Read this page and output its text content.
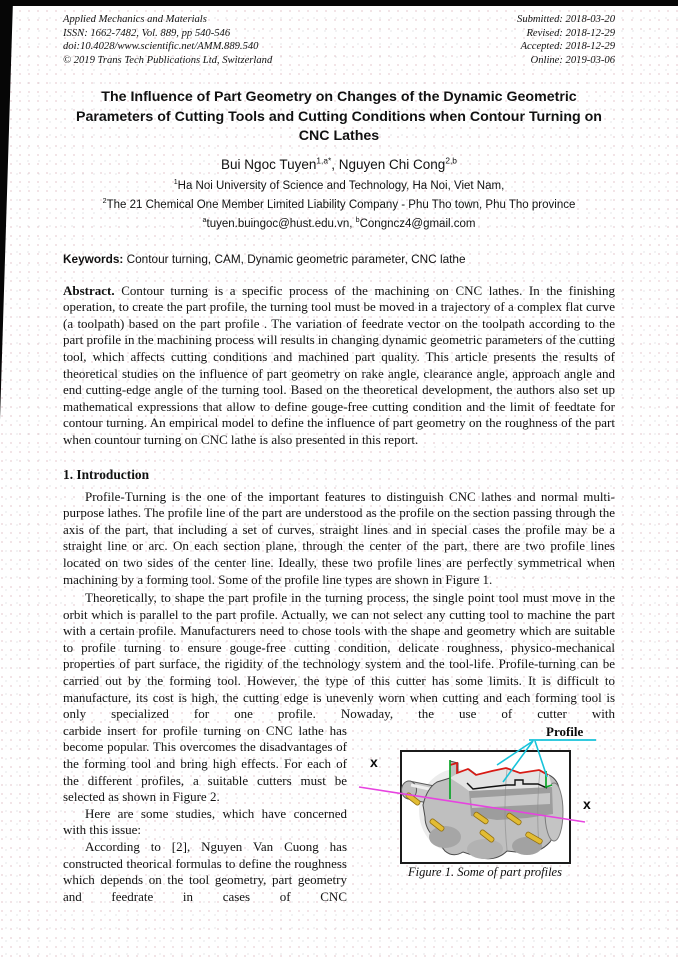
Applied Mechanics and Materials
ISSN: 1662-7482, Vol. 889, pp 540-546
doi:10.4028/www.scientific.net/AMM.889.540
© 2019 Trans Tech Publications Ltd, Switzerland
Submitted: 2018-03-20
Revised: 2018-12-29
Accepted: 2018-12-29
Online: 2019-03-06
The Influence of Part Geometry on Changes of the Dynamic Geometric Parameters of Cutting Tools and Cutting Conditions when Contour Turning on CNC Lathes
Bui Ngoc Tuyen$^{1,a*}$, Nguyen Chi Cong$^{2,b}$
$^1$Ha Noi University of Science and Technology, Ha Noi, Viet Nam,
$^2$The 21 Chemical One Member Limited Liability Company - Phu Tho town, Phu Tho province
$^a$tuyen.buingoc@hust.edu.vn, $^b$Congncz4@gmail.com
Keywords: Contour turning, CAM, Dynamic geometric parameter, CNC lathe
Abstract. Contour turning is a specific process of the machining on CNC lathes. In the finishing operation, to create the part profile, the turning tool must be moved in a trajectory of a complex flat curve (a toolpath) based on the part profile . The variation of feedrate vector on the toolpath according to the part profile in the machining process will results in changing dynamic geometric parameters of the cutting tool, which affects cutting conditions and machined part quality. This article presents the results of theoretical studies on the influence of part geometry on rake angle, clearance angle, approach angle and end cutting-edge angle of the turning tool. Based on the theoretical development, the authors also set up mathematical expressions that allow to define gouge-free cutting condition and the limit of feedtate for contour turning. An empirical model to define the influence of part geometry on the roughness of the part when countour turning on CNC lathe is also presented in this report.
1. Introduction

Profile-Turning is the one of the important features to distinguish CNC lathes and normal multi-purpose lathes. The profile line of the part are understood as the profile on the section passing through the axis of the part, that including a set of curves, straight lines and in special cases the profile may be a straight line or arc. On each section plane, through the center of the part, there are two profile lines located on two sides of the center line. Ideally, these two profile lines are perfectly symmetrical when machining by a forming tool. Some of the profile line types are shown in Figure 1.

Theoretically, to shape the part profile in the turning process, the single point tool must move in the orbit which is parallel to the part profile. Actually, we can not select any cutting tool to machine the part with a certain profile. Manufacturers need to chose tools with the shape and geometry which are suitable to profile turning to ensure gouge-free cutting condition, delicate roughness, physico-mechanical properties of part surface, the rigidity of the technology system and the tool-life. Profile-turning can be carried out by the forming tool. However, the type of this cutter has some limits. It is difficult to manufacture, its cost is high, the cutting edge is unevenly worn when cutting and each forming tool is only specialized for one profile. Nowaday, the use of cutter with

Profile
x
x
Figure 1. Some of part profiles
carbide insert for profile turning on CNC lathe has become popular. This overcomes the disadvantages of the forming tool and bring high effects. For each of the different profiles, a suitable cutters must be selected as shown in Figure 2.

Here are some studies, which have concerned with this issue:

According to [2], Nguyen Van Cuong has constructed theorical formulas to define the roughness which depends on the tool geometry, part geometry and feedrate in cases of CNC
